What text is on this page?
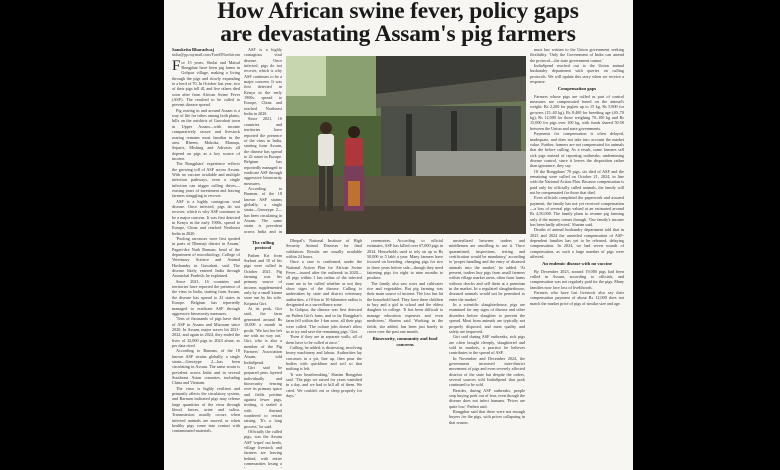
How African swine fever, policy gaps
are devastating Assam's pig farmers

Sanskrita Bharadwaj

india@pp.mymail.com/FareBNordstrom

For 15 years, Sholai and Maisal Rongphar have been pig farms in Gohpur village, making a living through the pigs and slowly expanding to a herd of 70. In October last year, two of their pigs fell ill, and five others died soon after from African Swine Fever (ASF). The resulted to be culled to prevent disease spread.

Pig rearing in and around Assam is a way of life for tribes among both plains, hills on the outskirts of Guwahati town in Upper Assam—with income comparatively secure and livestock rearing remains most familiar in the area. Rheem, Mokoka, Manaqu, Separis, Mishing and Adivasis all depend on pigs as a key source of income.

The Rongphars' experience reflects the growing toll of ASF across Assam. With no vaccine available and multiple infection pathways, even a single infection can trigger culling drives—erasing years of investment and leaving farmers struggling to recover.

ASF is a highly contagious viral disease. Once infected, pigs do not recover, which is why ASF continues to be a major concern. It was first detected in Kenya in the early 1900s, spread to Europe, China and reached Northeast India in 2020.

'Pooling carcasses were first spotted in parts of Dhemaji district in Assam,' Pagari-dra Nath Barman, head of the department of microbiology, College of Veterinary Science and Animal Husbandry in Guwahati, said. The disease likely entered India through Arunachal Pradesh, he explained.

Since 2021, 16 countries and territories have reported the presence of the virus in India, starting from Assam, the disease has spread to 22 states in Europe. Belgium has reportedly managed to eradicate ASF through aggressive biosecurity measures.

'Tens of thousands of pigs have died of ASF in Assam and Mizoram since 2020. In Assam, major waves hit 2021-2022, and again in 2024, they ended the lives of 32,000 pigs in 2024 alone, as per data cited.

According to Barman, of the 18 known ASF strains globally, a single strain—Genotype 2—has been circulating in Assam. The same strain is prevalent across India and in several Southeast Asian countries, including China and Vietnam.

The virus is highly resilient and primarily affects the circulatory system, and Barman indicated pigs may release large quantities of the virus through blood, faeces, urine and saliva. Transmission usually occurs when infected animals are moved, or when healthy pigs come into contact with contaminated materials.

ASF is a highly contagious viral disease. Once infected, pigs do not recover, which is why ASF continues to be a major concern. It was first detected in Kenya in the early 1900s, spread to Europe, China and reached Northeast India in 2020.

Since 2021, 16 countries and territories have reported the presence of the virus in India, starting from Assam, the disease has spread to 22 states in Europe. Belgium has reportedly managed to eradicate ASF through aggressive biosecurity measures.

According to Barman, of the 18 known ASF strains globally, a single strain—Genotype 2—has been circulating in Assam. The same strain is prevalent across India and in

The culling protocol

Pathen Kri from Sorbari and 10 of his pigs were culled in October 2021. Pig farming was his primary source of income, supplemented only by a small kirana store run by his wife, Kripasta Giri.

At its peak, Giri said, the farm generated around Rs 10,000 a month in profit. 'We lost her left me with no way out,' Giri, who is also a member of the Pig Farmers' Association Assam, told IndiaSpend.

Giri said he prepared pens layered individually and biosecurity fencing over its primary space and fields pristine against fewer pigs, trotting, it sealed it with thermal wondered to restart raising. 'It's a long process,' he said.

Officially the culled pigs, was the Assam ASF 'wipes' out herds, village livestock and farmers are leaving behind, with entire communities losing a

Dhopal's National Institute of High Security Animal Diseases for final validation. Results are usually available within 24 hours.

Once a case is confirmed, under the National Action Plan for African Swine Fever—issued after the outbreak in 2020—all pigs within 1 km radius of the infected zone are to be culled whether or not they show signs of the disease. Culling is undertaken by state and district veterinary authorities, a 10-km to 10-kilometre radius is designated as a surveillance zone.

In Gohpur, the disease was first detected on Pathen Giri's farm, and so far Rongphar's farm fell within the 1-km zone, all their pigs were culled. 'The culture jobs doesn't allow us to try and save the remaining pigs,' Giri.

'Even if they are in separate walls, all of them have to be culled at once.'

Culling, he added, is distressing, involving heavy machinery and labour. Authorities lay carcasses in a pit, line up, then pour the bodies with quicklime and soil so that nothing is left.

'It was heartbreaking,' Sharim Rongphar said. 'The pigs we raised for years vanished in a day, and we had to kill all of them. We cried. We couldn't eat or sleep properly for days.'

ceremonies. According to official estimates, ASF has killed over 67,000 pigs in 2024. Households used to rely on up to Rs 50,000 to 5 lakh a year. Many farmers have focused on breeding, changing pigs for two to three years before sale—though they need fattening pigs for eight to nine months to produce.

The family also saw sows and cultivates rice and vegetables. But pig farming was their main source of income. The loss has hit the household hard. They have three children to buy and a girl in school and the eldest daughter in college. 'It has been difficult to manage education expenses and even medicines,' Sharim said. Working in the fields, she added, has been just barely to cover over the past one month.

Biosecurity, community and food concerns

unsterilized between traders and middlemen are unwilling to use it. 'Once quarantined, inspections, testing and certification would be mandatory,' according to 'proper handling and the entry of diseased animals into the market,' he added. 'At present, traders buy pigs from small farmers within village market areas, often from farms without checks and sell them at a premium in the market. In a regulated slaughterhouse, diseased animals would not be permitted to enter the market.'

In a scientific slaughterhouse, pigs are examined for any signs of disease and other disorders before slaughter to prevent the spread. Meat from animals are typically not properly disposed, and meat quality and safety are improved.

Giri said during ASF outbreaks, sick pigs are often bought cheaply, slaughtered and sold in markets, a practice he believes contributes to the spread of ASF.

In November and December 2024, the government increased inter-district movement of pigs and even severely affected districts of the state but despite the orders, several sources told IndiaSpend that pork continued to be sold.

Besides, during ASF outbreaks, people stop buying pork out of fear, even though the disease does not infect humans. 'Prices are quite low,' Pathen said.

Rongphar said that there were not enough buyers for the pigs, with prices collapsing in that season.

must law written to the Union government seeking flexibility. 'Only the Government of India can amend the protocol—the state government cannot.'

IndiaSpend reached out to the Union animal husbandry department with queries on culling protocols. We will update this story when we receive a response.

Compensation gaps

Farmers whose pigs are culled as part of control measures are compensated based on the animal's weight: Rs 2,200 for piglets up to 15 kg, Rs 5,800 for growers (15–40 kg), Rs 8,400 for breeding age (40–70 kg), Rs 12,000 for those weighing 70–100 kg and Rs 15,000 for pigs over 100 kg, with funds shared 50:50 between the Union and state governments.

Payments for compensation is often delayed, inadequate, and does not take into account the market value. Further, farmers are not compensated for animals that die before culling. As a result, some farmers sell sick pigs instead of reporting outbreaks, undermining disease control, since it leaves the disposition rather than ignorance, they say.

Of the Rongphars' 70 pigs, six died of ASF and the remaining were culled on October 21, 2024, in line with the National Action Plan. Because compensation is paid only for officially culled animals, the family will not be compensated for those that died.

Even officials completed the paperwork and assured payment, the family has not yet received compensation—a loss of several pigs valued at an estimated around Rs 4,50,000. The family plans to resume pig farming only if the money comes through. 'Our family's income has been badly affected,' Sharim said.

Deaths of animal husbandry department told that in 2023 and 2024 the unsettled compensation of ASF-dependent families has yet to be released, delaying compensation. In 2024, we had seven rounds of compensation, as such a large number of pigs were affected.

An endemic disease with no vaccine

By December 2023, around 19,000 pigs had been culled in Assam, according to officials, and compensation was not regularly paid for the pigs. Many families now face loss of livelihoods.

Farmers who have lost livestock also say their compensation payment of about Rs 12,000 does not match the market price of pigs of similar size and age.
